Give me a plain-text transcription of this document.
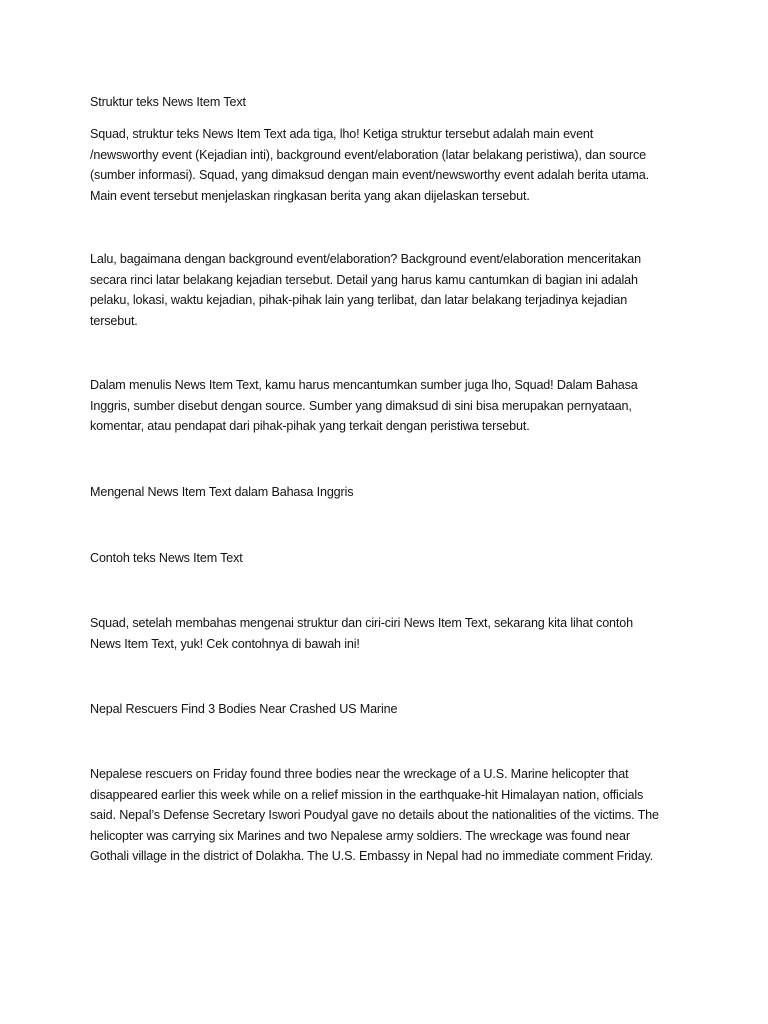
Struktur teks News Item Text

Squad, struktur teks News Item Text ada tiga, lho! Ketiga struktur tersebut adalah main event
/newsworthy event (Kejadian inti), background event/elaboration (latar belakang peristiwa), dan source
(sumber informasi). Squad, yang dimaksud dengan main event/newsworthy event adalah berita utama.
Main event tersebut menjelaskan ringkasan berita yang akan dijelaskan tersebut.

Lalu, bagaimana dengan background event/elaboration? Background event/elaboration menceritakan
secara rinci latar belakang kejadian tersebut. Detail yang harus kamu cantumkan di bagian ini adalah
pelaku, lokasi, waktu kejadian, pihak-pihak lain yang terlibat, dan latar belakang terjadinya kejadian
tersebut.

Dalam menulis News Item Text, kamu harus mencantumkan sumber juga lho, Squad! Dalam Bahasa
Inggris, sumber disebut dengan source. Sumber yang dimaksud di sini bisa merupakan pernyataan,
komentar, atau pendapat dari pihak-pihak yang terkait dengan peristiwa tersebut.

Mengenal News Item Text dalam Bahasa Inggris

Contoh teks News Item Text

Squad, setelah membahas mengenai struktur dan ciri-ciri News Item Text, sekarang kita lihat contoh
News Item Text, yuk! Cek contohnya di bawah ini!

Nepal Rescuers Find 3 Bodies Near Crashed US Marine

Nepalese rescuers on Friday found three bodies near the wreckage of a U.S. Marine helicopter that
disappeared earlier this week while on a relief mission in the earthquake-hit Himalayan nation, officials
said. Nepal’s Defense Secretary Iswori Poudyal gave no details about the nationalities of the victims. The
helicopter was carrying six Marines and two Nepalese army soldiers. The wreckage was found near
Gothali village in the district of Dolakha. The U.S. Embassy in Nepal had no immediate comment Friday.
